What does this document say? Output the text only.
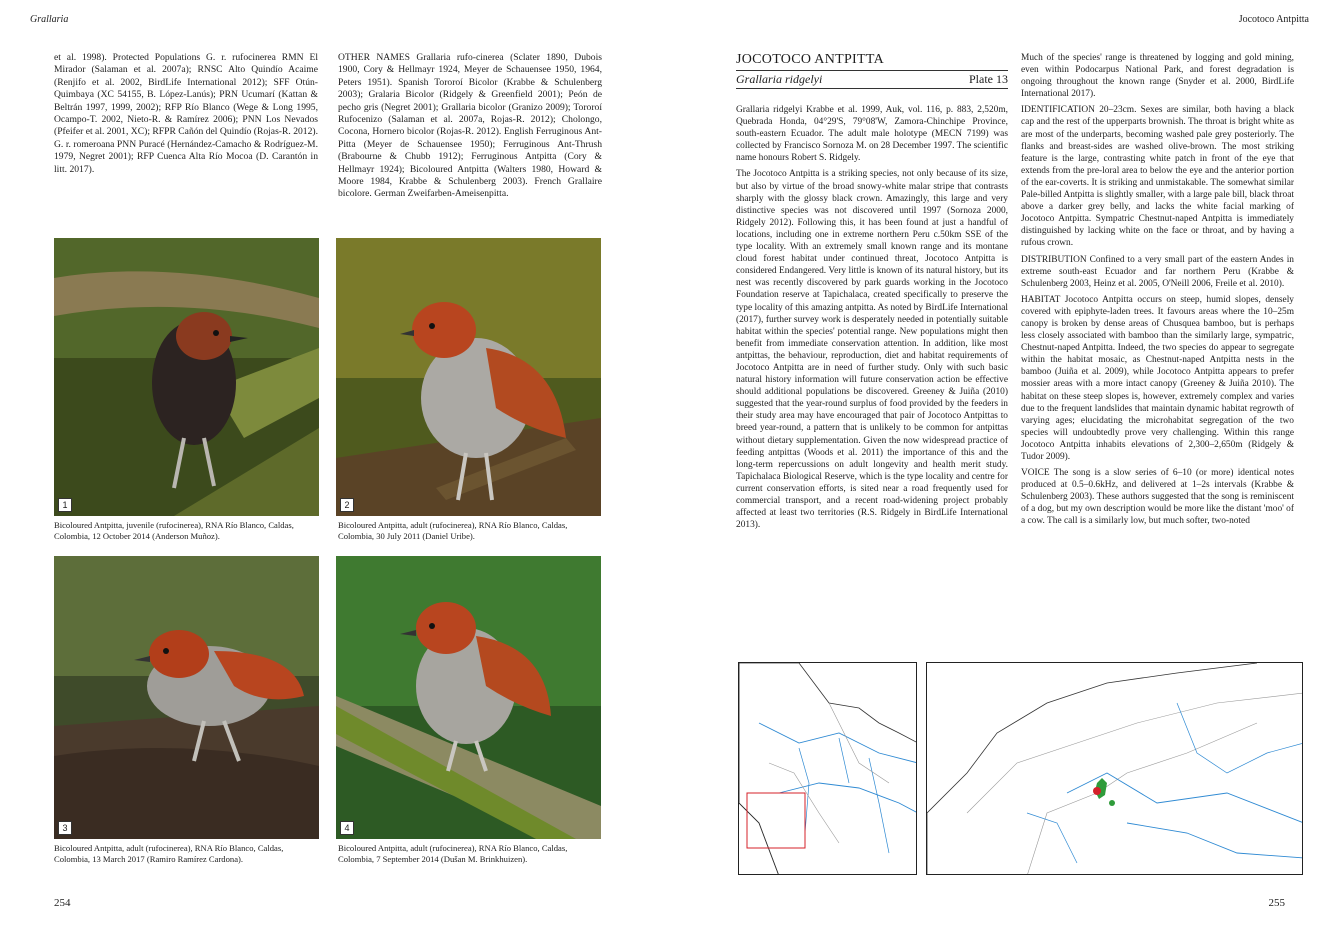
Grallaria

et al. 1998). Protected Populations G. r. rufocinerea RMN El Mirador (Salaman et al. 2007a); RNSC Alto Quindío Acaime (Renjifo et al. 2002, BirdLife International 2012); SFF Otún-Quimbaya (XC 54155, B. López-Lanús); PRN Ucumarí (Kattan & Beltrán 1997, 1999, 2002); RFP Río Blanco (Wege & Long 1995, Ocampo-T. 2002, Nieto-R. & Ramírez 2006); PNN Los Nevados (Pfeifer et al. 2001, XC); RFPR Cañón del Quindío (Rojas-R. 2012). G. r. romeroana PNN Puracé (Hernández-Camacho & Rodríguez-M. 1979, Negret 2001); RFP Cuenca Alta Río Mocoa (D. Carantón in litt. 2017).

OTHER NAMES Grallaria rufo-cinerea (Sclater 1890, Dubois 1900, Cory & Hellmayr 1924, Meyer de Schauensee 1950, 1964, Peters 1951). Spanish Tororoí Bicolor (Krabbe & Schulenberg 2003); Gralaria Bicolor (Ridgely & Greenfield 2001); Peón de pecho gris (Negret 2001); Grallaria bicolor (Granizo 2009); Tororoí Rufocenizo (Salaman et al. 2007a, Rojas-R. 2012); Cholongo, Cocona, Hornero bicolor (Rojas-R. 2012). English Ferruginous Ant-Pitta (Meyer de Schauensee 1950); Ferruginous Ant-Thrush (Brabourne & Chubb 1912); Ferruginous Antpitta (Cory & Hellmayr 1924); Bicoloured Antpitta (Walters 1980, Howard & Moore 1984, Krabbe & Schulenberg 2003). French Grallaire bicolore. German Zweifarben-Ameisenpitta.

1
Bicoloured Antpitta, juvenile (rufocinerea), RNA Río Blanco, Caldas, Colombia, 12 October 2014 (Anderson Muñoz).
2
Bicoloured Antpitta, adult (rufocinerea), RNA Río Blanco, Caldas, Colombia, 30 July 2011 (Daniel Uribe).
3
Bicoloured Antpitta, adult (rufocinerea), RNA Río Blanco, Caldas, Colombia, 13 March 2017 (Ramiro Ramírez Cardona).
4
Bicoloured Antpitta, adult (rufocinerea), RNA Río Blanco, Caldas, Colombia, 7 September 2014 (Dušan M. Brinkhuizen).
254
Jocotoco Antpitta
JOCOTOCO ANTPITTA
Grallaria ridgelyi	Plate 13

Grallaria ridgelyi Krabbe et al. 1999, Auk, vol. 116, p. 883, 2,520m, Quebrada Honda, 04°29'S, 79°08'W, Zamora-Chinchipe Province, south-eastern Ecuador. The adult male holotype (MECN 7199) was collected by Francisco Sornoza M. on 28 December 1997. The scientific name honours Robert S. Ridgely.

The Jocotoco Antpitta is a striking species, not only because of its size, but also by virtue of the broad snowy-white malar stripe that contrasts sharply with the glossy black crown. Amazingly, this large and very distinctive species was not discovered until 1997 (Sornoza 2000, Ridgely 2012). Following this, it has been found at just a handful of locations, including one in extreme northern Peru c.50km SSE of the type locality. With an extremely small known range and its montane cloud forest habitat under continued threat, Jocotoco Antpitta is considered Endangered. Very little is known of its natural history, but its nest was recently discovered by park guards working in the Jocotoco Foundation reserve at Tapichalaca, created specifically to preserve the type locality of this amazing antpitta. As noted by BirdLife International (2017), further survey work is desperately needed in potentially suitable habitat within the species' potential range. New populations might then benefit from immediate conservation attention. In addition, like most antpittas, the behaviour, reproduction, diet and habitat requirements of Jocotoco Antpitta are in need of further study. Only with such basic natural history information will future conservation action be effective should additional populations be discovered. Greeney & Juiña (2010) suggested that the year-round surplus of food provided by the feeders in their study area may have encouraged that pair of Jocotoco Antpittas to breed year-round, a pattern that is unlikely to be common for antpittas without dietary supplementation. Given the now widespread practice of feeding antpittas (Woods et al. 2011) the importance of this and the long-term repercussions on adult longevity and health merit study. Tapichalaca Biological Reserve, which is the type locality and centre for current conservation efforts, is sited near a road frequently used for commercial transport, and a recent road-widening project probably affected at least two territories (R.S. Ridgely in BirdLife International 2013).

Much of the species' range is threatened by logging and gold mining, even within Podocarpus National Park, and forest degradation is ongoing throughout the known range (Snyder et al. 2000, BirdLife International 2017).

IDENTIFICATION 20–23cm. Sexes are similar, both having a black cap and the rest of the upperparts brownish. The throat is bright white as are most of the underparts, becoming washed pale grey posteriorly. The flanks and breast-sides are washed olive-brown. The most striking feature is the large, contrasting white patch in front of the eye that extends from the pre-loral area to below the eye and the anterior portion of the ear-coverts. It is striking and unmistakable. The somewhat similar Pale-billed Antpitta is slightly smaller, with a large pale bill, black throat above a darker grey belly, and lacks the white facial marking of Jocotoco Antpitta. Sympatric Chestnut-naped Antpitta is immediately distinguished by lacking white on the face or throat, and by having a rufous crown.

DISTRIBUTION Confined to a very small part of the eastern Andes in extreme south-east Ecuador and far northern Peru (Krabbe & Schulenberg 2003, Heinz et al. 2005, O'Neill 2006, Freile et al. 2010).

HABITAT Jocotoco Antpitta occurs on steep, humid slopes, densely covered with epiphyte-laden trees. It favours areas where the 10–25m canopy is broken by dense areas of Chusquea bamboo, but is perhaps less closely associated with bamboo than the similarly large, sympatric, Chestnut-naped Antpitta. Indeed, the two species do appear to segregate within the habitat mosaic, as Chestnut-naped Antpitta nests in the bamboo (Juiña et al. 2009), while Jocotoco Antpitta appears to prefer mossier areas with a more intact canopy (Greeney & Juiña 2010). The habitat on these steep slopes is, however, extremely complex and varies due to the frequent landslides that maintain dynamic habitat regrowth of varying ages; elucidating the microhabitat segregation of the two species will undoubtedly prove very challenging. Within this range Jocotoco Antpitta inhabits elevations of 2,300–2,650m (Ridgely & Tudor 2009).

VOICE The song is a slow series of 6–10 (or more) identical notes produced at 0.5–0.6kHz, and delivered at 1–2s intervals (Krabbe & Schulenberg 2003). These authors suggested that the song is reminiscent of a dog, but my own description would be more like the distant 'moo' of a cow. The call is a similarly low, but much softer, two-noted

255
